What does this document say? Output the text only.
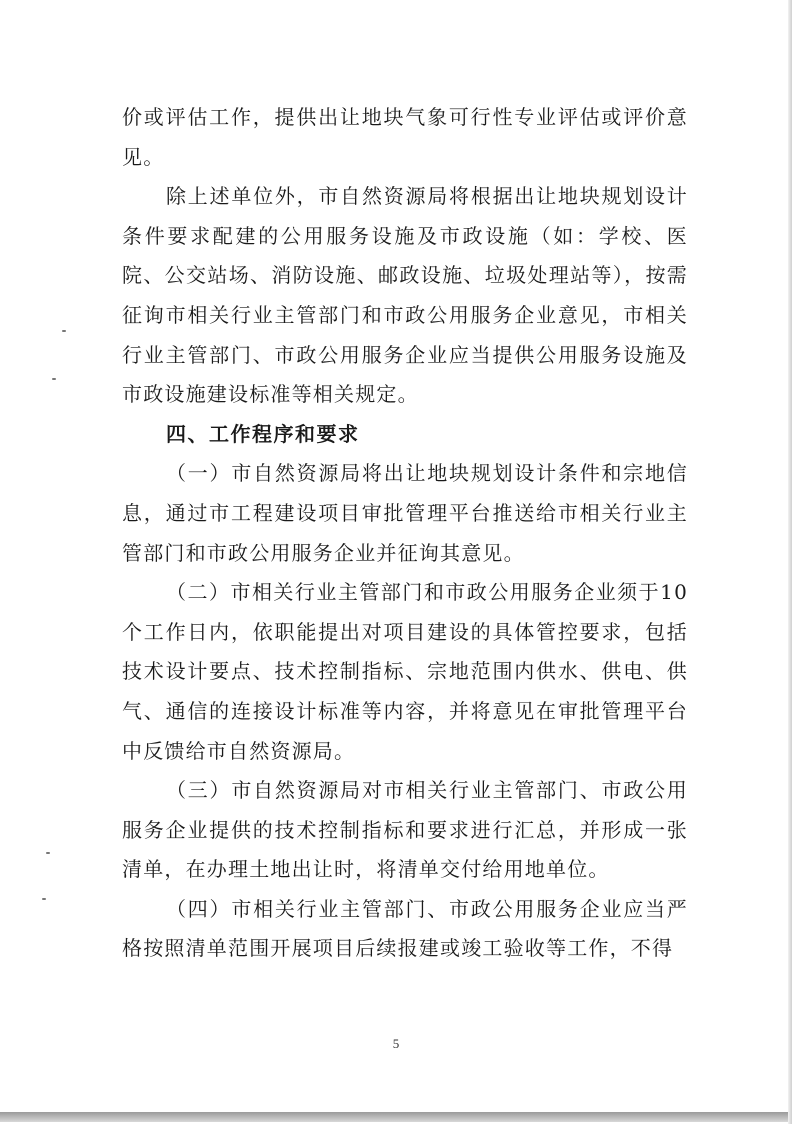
价或评估工作，提供出让地块气象可行性专业评估或评价意见。

除上述单位外，市自然资源局将根据出让地块规划设计条件要求配建的公用服务设施及市政设施（如：学校、医院、公交站场、消防设施、邮政设施、垃圾处理站等），按需征询市相关行业主管部门和市政公用服务企业意见，市相关行业主管部门、市政公用服务企业应当提供公用服务设施及市政设施建设标准等相关规定。

四、工作程序和要求

（一）市自然资源局将出让地块规划设计条件和宗地信息，通过市工程建设项目审批管理平台推送给市相关行业主管部门和市政公用服务企业并征询其意见。

（二）市相关行业主管部门和市政公用服务企业须于10个工作日内，依职能提出对项目建设的具体管控要求，包括技术设计要点、技术控制指标、宗地范围内供水、供电、供气、通信的连接设计标准等内容，并将意见在审批管理平台中反馈给市自然资源局。

（三）市自然资源局对市相关行业主管部门、市政公用服务企业提供的技术控制指标和要求进行汇总，并形成一张清单，在办理土地出让时，将清单交付给用地单位。

（四）市相关行业主管部门、市政公用服务企业应当严格按照清单范围开展项目后续报建或竣工验收等工作，不得

5
